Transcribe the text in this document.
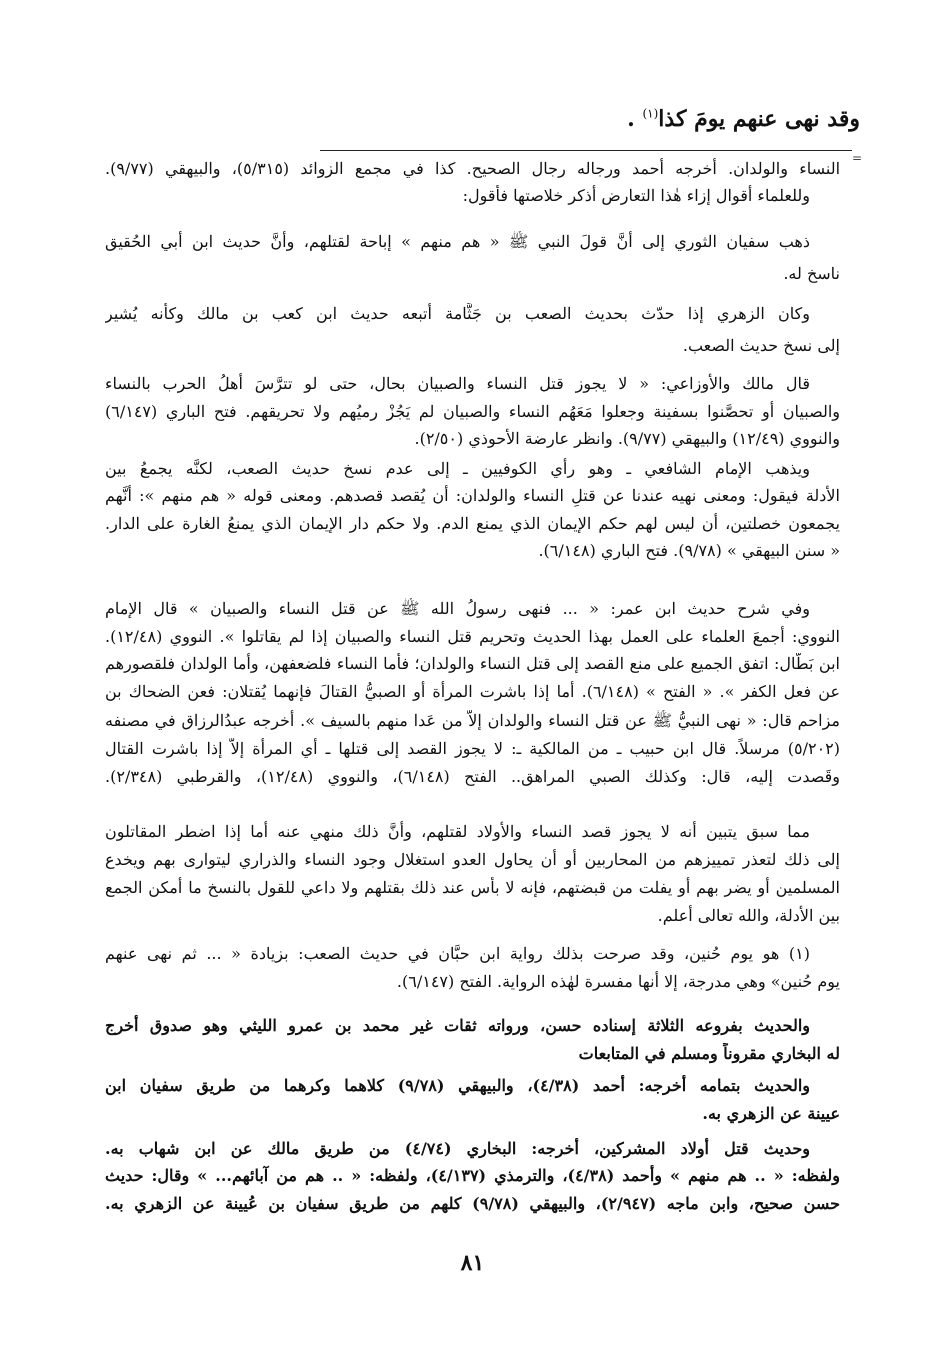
وقد نهى عنهم يومَ كذا$^{(١)}$ .
=
النساء والولدان. أخرجه أحمد ورجاله رجال الصحيح. كذا في مجمع الزوائد (٥/٣١٥)، والبيهقي (٩/٧٧).
وللعلماء أقوال إزاء هٰذا التعارض أذكر خلاصتها فأقول:
ذهب سفيان الثوري إلى أنَّ قولَ النبي ﷺ « هم منهم » إباحة لقتلهم، وأنَّ حديث ابن أبي الحُقيق
ناسخ له.
وكان الزهري إذا حدّث بحديث الصعب بن جَثَّامة أتبعه حديث ابن كعب بن مالك وكأنه يُشير
إلى نسخ حديث الصعب.
قال مالك والأوزاعي: « لا يجوز قتل النساء والصبيان بحال، حتى لو تترَّسَ أهلُ الحرب بالنساء
والصبيان أو تحصَّنوا بسفينة وجعلوا مَعَهُم النساء والصبيان لم يَجُزْ رميُهم ولا تحريقهم. فتح الباري (٦/١٤٧)
والنووي (١٢/٤٩) والبيهقي (٩/٧٧). وانظر عارضة الأحوذي (٢/٥٠).
ويذهب الإمام الشافعي ـ وهو رأي الكوفيين ـ إلى عدم نسخ حديث الصعب، لكنَّه يجمعُ بين
الأدلة فيقول: ومعنى نهيه عندنا عن قتلِ النساء والولدان: أن يُقصد قصدهم. ومعنى قوله « هم منهم »: أنَّهم
يجمعون خصلتين، أن ليس لهم حكم الإيمان الذي يمنع الدم. ولا حكم دار الإيمان الذي يمنعُ الغارة على الدار.
« سنن البيهقي » (٩/٧٨). فتح الباري (٦/١٤٨).
وفي شرح حديث ابن عمر: « ... فنهى رسولُ الله ﷺ عن قتل النساء والصبيان » قال الإمام
النووي: أجمعَ العلماء على العمل بهذا الحديث وتحريم قتل النساء والصبيان إذا لم يقاتلوا ». النووي (١٢/٤٨).
ابن بَطَّال: اتفق الجميع على منع القصد إلى قتل النساء والولدان؛ فأما النساء فلضعفهن، وأما الولدان فلقصورهم
عن فعل الكفر ». « الفتح » (٦/١٤٨). أما إذا باشرت المرأة أو الصبيُّ القتالَ فإنهما يُقتلان: فعن الضحاك بن
مزاحم قال: « نهى النبيُّ ﷺ عن قتل النساء والولدان إلاّ من عَدا منهم بالسيف ». أخرجه عبدُالرزاق في مصنفه
(٥/٢٠٢) مرسلاً. قال ابن حبيب ـ من المالكية ـ: لا يجوز القصد إلى قتلها ـ أي المرأة إلاّ إذا باشرت القتال
وقَصدت إليه، قال: وكذلك الصبي المراهق.. الفتح (٦/١٤٨)، والنووي (١٢/٤٨)، والقرطبي (٢/٣٤٨).
مما سبق يتبين أنه لا يجوز قصد النساء والأولاد لقتلهم، وأنَّ ذلك منهي عنه أما إذا اضطر المقاتلون
إلى ذلك لتعذر تمييزهم من المحاربين أو أن يحاول العدو استغلال وجود النساء والذراري ليتوارى بهم ويخدع
المسلمين أو يضر بهم أو يفلت من قبضتهم، فإنه لا بأس عند ذلك بقتلهم ولا داعي للقول بالنسخ ما أمكن الجمع
بين الأدلة، والله تعالى أعلم.
(١) هو يوم حُنين، وقد صرحت بذلك رواية ابن حبَّان في حديث الصعب: بزيادة « ... ثم نهى عنهم
يوم حُنين» وهي مدرجة، إلا أنها مفسرة لهٰذه الرواية. الفتح (٦/١٤٧).
والحديث بفروعه الثلاثة إسناده حسن، ورواته ثقات غير محمد بن عمرو الليثي وهو صدوق أخرج
له البخاري مقروناً ومسلم في المتابعات
والحديث بتمامه أخرجه: أحمد (٤/٣٨)، والبيهقي (٩/٧٨) كلاهما وكرهما من طريق سفيان ابن
عيينة عن الزهري به.
وحديث قتل أولاد المشركين، أخرجه: البخاري (٤/٧٤) من طريق مالك عن ابن شهاب به.
ولفظه: « .. هم منهم » وأحمد (٤/٣٨)، والترمذي (٤/١٣٧)، ولفظه: « .. هم من آبائهم... » وقال: حديث
حسن صحيح، وابن ماجه (٢/٩٤٧)، والبيهقي (٩/٧٨) كلهم من طريق سفيان بن عُيينة عن الزهري به.
٨١
